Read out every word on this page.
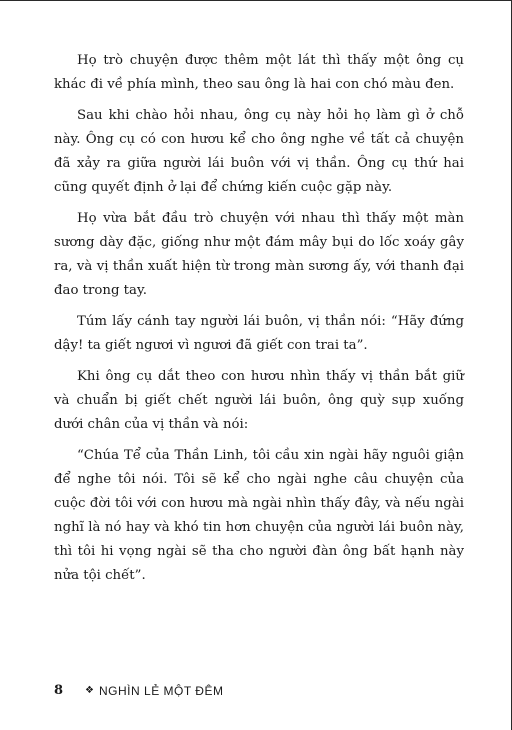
Họ trò chuyện được thêm một lát thì thấy một ông cụ khác đi về phía mình, theo sau ông là hai con chó màu đen.

Sau khi chào hỏi nhau, ông cụ này hỏi họ làm gì ở chỗ này. Ông cụ có con hươu kể cho ông nghe về tất cả chuyện đã xảy ra giữa người lái buôn với vị thần. Ông cụ thứ hai cũng quyết định ở lại để chứng kiến cuộc gặp này.

Họ vừa bắt đầu trò chuyện với nhau thì thấy một màn sương dày đặc, giống như một đám mây bụi do lốc xoáy gây ra, và vị thần xuất hiện từ trong màn sương ấy, với thanh đại đao trong tay.

Túm lấy cánh tay người lái buôn, vị thần nói: “Hãy đứng dậy! ta giết ngươi vì ngươi đã giết con trai ta”.

Khi ông cụ dắt theo con hươu nhìn thấy vị thần bắt giữ và chuẩn bị giết chết người lái buôn, ông quỳ sụp xuống dưới chân của vị thần và nói:

“Chúa Tể của Thần Linh, tôi cầu xin ngài hãy nguôi giận để nghe tôi nói. Tôi sẽ kể cho ngài nghe câu chuyện của cuộc đời tôi với con hươu mà ngài nhìn thấy đây, và nếu ngài nghĩ là nó hay và khó tin hơn chuyện của người lái buôn này, thì tôi hi vọng ngài sẽ tha cho người đàn ông bất hạnh này nửa tội chết”.

8 ❖ NGHÌN LẺ MỘT ĐÊM
